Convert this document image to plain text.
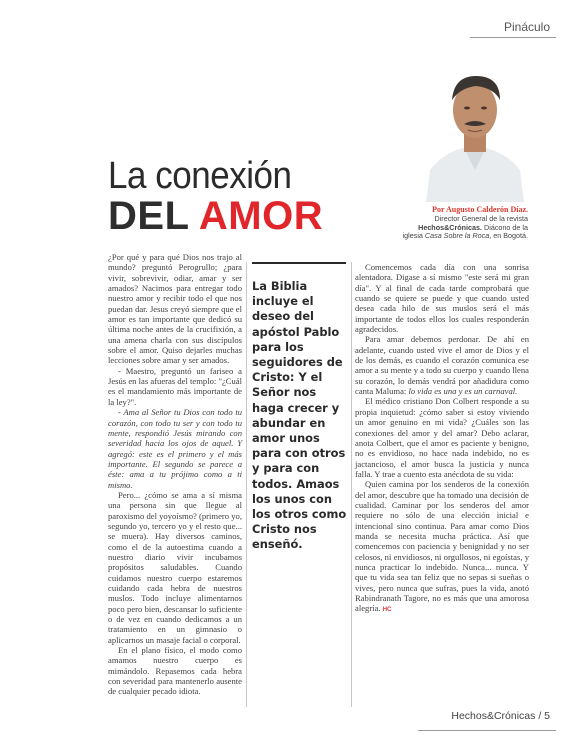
Pináculo
La conexión
DEL AMOR	Por Augusto Calderón Díaz.
Director General de la revista
Hechos&Crónicas. Diácono de la
iglesia Casa Sobre la Roca, en Bogotá.

¿Por qué y para qué Dios nos trajo al mundo? preguntó Perogrullo; ¿para vivir, sobrevivir, odiar, amar y ser amados? Nacimos para entregar todo nuestro amor y recibir todo el que nos puedan dar. Jesus creyó siempre que el amor es tan importante que dedicó su última noche antes de la crucifixión, a una amena charla con sus discípulos sobre el amor. Quiso dejarles muchas lecciones sobre amar y ser amados.

- Maestro, preguntó un fariseo a Jesús en las afueras del templo: "¿Cuál es el mandamiento más importante de la ley?".

- Ama al Señor tu Dios con todo tu corazón, con todo tu ser y con todo tu mente, respondió Jesús mirando con severidad hacia los ojos de aquel. Y agregó: este es el primero y el más importante. El segundo se parece a éste: ama a tu prójimo como a ti mismo.

Pero... ¿cómo se ama a sí misma una persona sin que llegue al paroxismo del yoyoísmo? (primero yo, segundo yo, tercero yo y el resto que... se muera). Hay diversos caminos, como el de la autoestima cuando a nuestro diario vivir incubamos propósitos saludables. Cuando cuidamos nuestro cuerpo estaremos cuidando cada hebra de nuestros muslos. Todo incluye alimentarnos poco pero bien, descansar lo suficiente o de vez en cuando dedicamos a un tratamiento en un gimnasio o aplicarnos un masaje facial o corporal.

En el plano físico, el modo como amamos nuestro cuerpo es mimándolo. Repasemos cada hebra con severidad para mantenerlo ausente de cualquier pecado idiota.

La Biblia incluye el deseo del apóstol Pablo para los seguidores de Cristo: Y el Señor nos haga crecer y abundar en amor unos para con otros y para con todos. Amaos los unos con los otros como Cristo nos enseñó.

Comencemos cada día con una sonrisa alentadora. Digase a sí mismo "este será mi gran día". Y al final de cada tarde comprobará que cuando se quiere se puede y que cuando usted desea cada hilo de sus muslos será el más importante de todos ellos los cuales responderán agradecidos.

Para amar debemos perdonar. De ahí en adelante, cuando usted vive el amor de Dios y el de los demás, es cuando el corazón comunica ese amor a su mente y a todo su cuerpo y cuando llena su corazón, lo demás vendrá por añadidura como canta Maluma: lo vida es una y es un carnaval.

El médico cristiano Don Colbert responde a su propia inquietud: ¿cómo saber si estoy viviendo un amor genuino en mi vida? ¿Cuáles son las conexiones del amor y del amar? Debo aclarar, anota Colbert, que el amor es paciente y benigno, no es envidioso, no hace nada indebido, no es jactancioso, el amor busca la justicia y nunca falla. Y trae a cuento esta anécdota de su vida:

Quien camina por los senderos de la conexión del amor, descubre que ha tomado una decisión de cualidad. Caminar por los senderos del amor requiere no sólo de una elección inicial e intencional sino continua. Para amar como Dios manda se necesita mucha práctica. Así que comencemos con paciencia y benignidad y no ser celosos, ni envidiosos, ni orgullosos, ni egoístas, y nunca practicar lo indebido. Nunca... nunca. Y que tu vida sea tan feliz que no sepas si sueñas o vives, pero nunca que sufras, pues la vida, anotó Rabindranath Tagore, no es más que una amorosa alegría. HC

Hechos&Crónicas / 5
